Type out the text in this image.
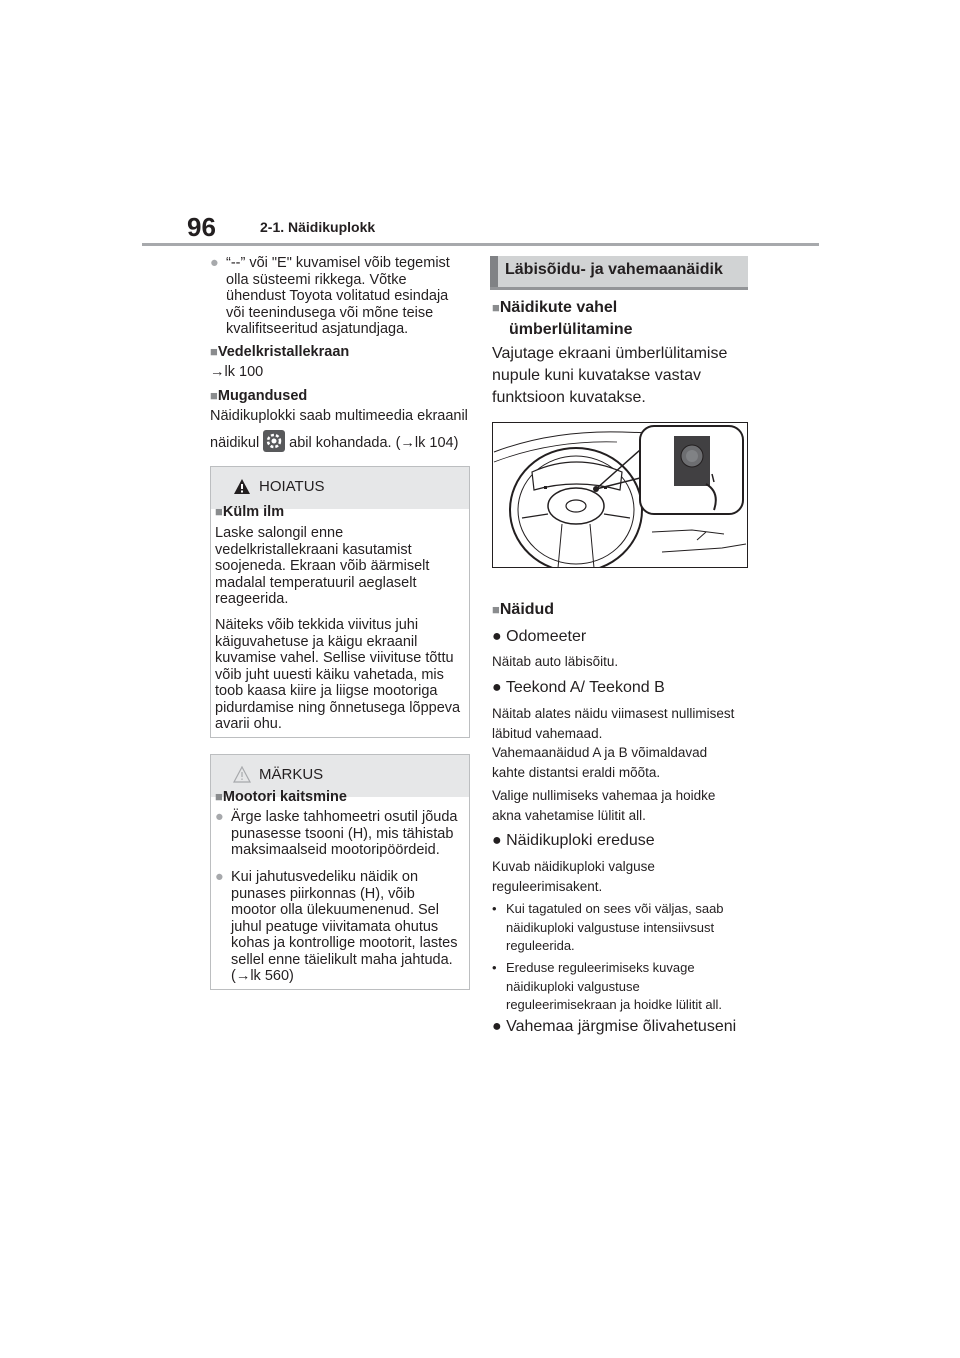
96	2-1. Näidikuplokk
● “--” või "E" kuvamisel võib tegemist olla süsteemi rikkega. Võtke ühendust Toyota volitatud esindaja või teenindusega või mõne teise kvalifitseeritud asjatundjaga.
■Vedelkristallekraan
→lk 100
■Mugandused
Näidikuplokki saab multimeedia ekraanil
näidikul abil kohandada. (→lk 104)
HOIATUS
■Külm ilm
Laske salongil enne vedelkristallekraani kasutamist soojeneda. Ekraan võib äärmiselt madalal temperatuuril aeglaselt reageerida.
Näiteks võib tekkida viivitus juhi käiguvahetuse ja käigu ekraanil kuvamise vahel. Sellise viivituse tõttu võib juht uuesti käiku vahetada, mis toob kaasa kiire ja liigse mootoriga pidurdamise ning õnnetusega lõppeva avarii ohu.
MÄRKUS
■Mootori kaitsmine
● Ärge laske tahhomeetri osutil jõuda punasesse tsooni (H), mis tähistab maksimaalseid mootoripöördeid.
● Kui jahutusvedeliku näidik on punases piirkonnas (H), võib mootor olla ülekuumenenud. Sel juhul peatuge viivitamata ohutus kohas ja kontrollige mootorit, lastes sellel enne täielikult maha jahtuda. (→lk 560)
Läbisõidu- ja vahemaanäidik
■Näidikute vahel
ümberlülitamine
Vajutage ekraani ümberlülitamise nupule kuni kuvatakse vastav funktsioon kuvatakse.
■Näidud
● Odomeeter
Näitab auto läbisõitu.
● Teekond A/ Teekond B
Näitab alates näidu viimasest nullimisest läbitud vahemaad.
Vahemaanäidud A ja B võimaldavad kahte distantsi eraldi mõõta.
Valige nullimiseks vahemaa ja hoidke akna vahetamise lülitit all.
● Näidikuploki ereduse
Kuvab näidikuploki valguse reguleerimisakent.
• Kui tagatuled on sees või väljas, saab näidikuploki valgustuse intensiivsust reguleerida.
• Ereduse reguleerimiseks kuvage näidikuploki valgustuse reguleerimisekraan ja hoidke lülitit all.
● Vahemaa järgmise õlivahetuseni
